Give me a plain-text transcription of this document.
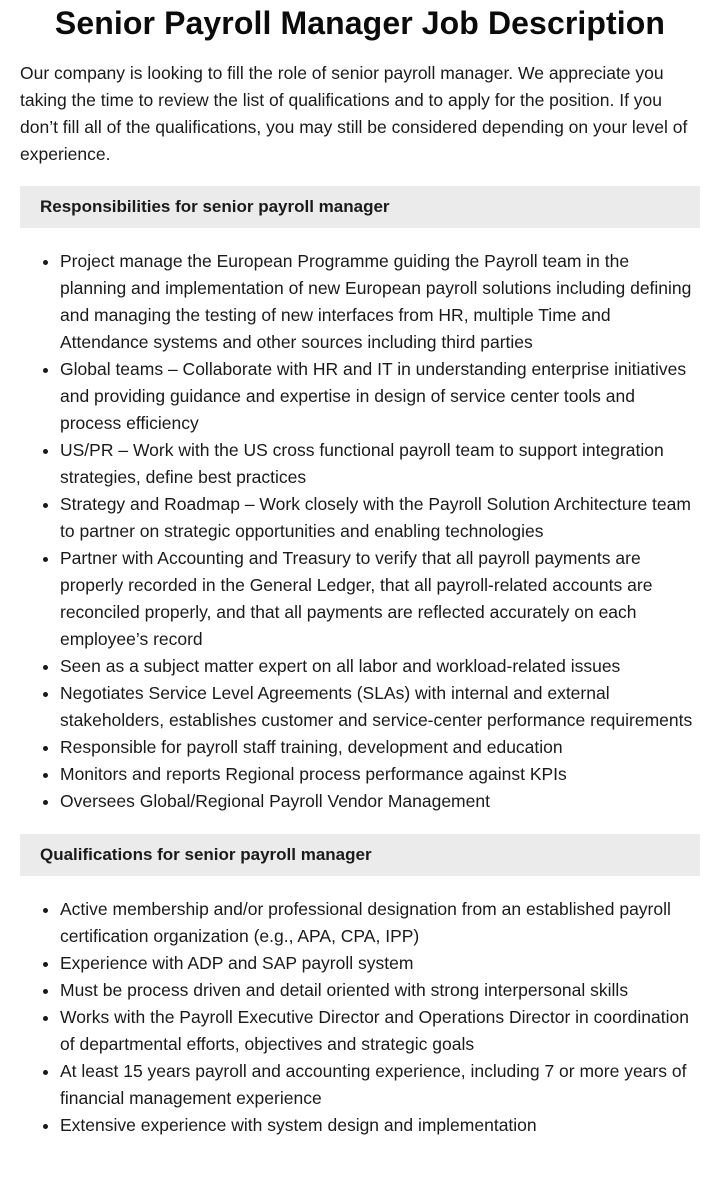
Senior Payroll Manager Job Description

Our company is looking to fill the role of senior payroll manager. We appreciate you taking the time to review the list of qualifications and to apply for the position. If you don’t fill all of the qualifications, you may still be considered depending on your level of experience.

Responsibilities for senior payroll manager
• Project manage the European Programme guiding the Payroll team in the planning and implementation of new European payroll solutions including defining and managing the testing of new interfaces from HR, multiple Time and Attendance systems and other sources including third parties
• Global teams – Collaborate with HR and IT in understanding enterprise initiatives and providing guidance and expertise in design of service center tools and process efficiency
• US/PR – Work with the US cross functional payroll team to support integration strategies, define best practices
• Strategy and Roadmap – Work closely with the Payroll Solution Architecture team to partner on strategic opportunities and enabling technologies
• Partner with Accounting and Treasury to verify that all payroll payments are properly recorded in the General Ledger, that all payroll-related accounts are reconciled properly, and that all payments are reflected accurately on each employee’s record
• Seen as a subject matter expert on all labor and workload-related issues
• Negotiates Service Level Agreements (SLAs) with internal and external stakeholders, establishes customer and service-center performance requirements
• Responsible for payroll staff training, development and education
• Monitors and reports Regional process performance against KPIs
• Oversees Global/Regional Payroll Vendor Management
Qualifications for senior payroll manager
• Active membership and/or professional designation from an established payroll certification organization (e.g., APA, CPA, IPP)
• Experience with ADP and SAP payroll system
• Must be process driven and detail oriented with strong interpersonal skills
• Works with the Payroll Executive Director and Operations Director in coordination of departmental efforts, objectives and strategic goals
• At least 15 years payroll and accounting experience, including 7 or more years of financial management experience
• Extensive experience with system design and implementation
